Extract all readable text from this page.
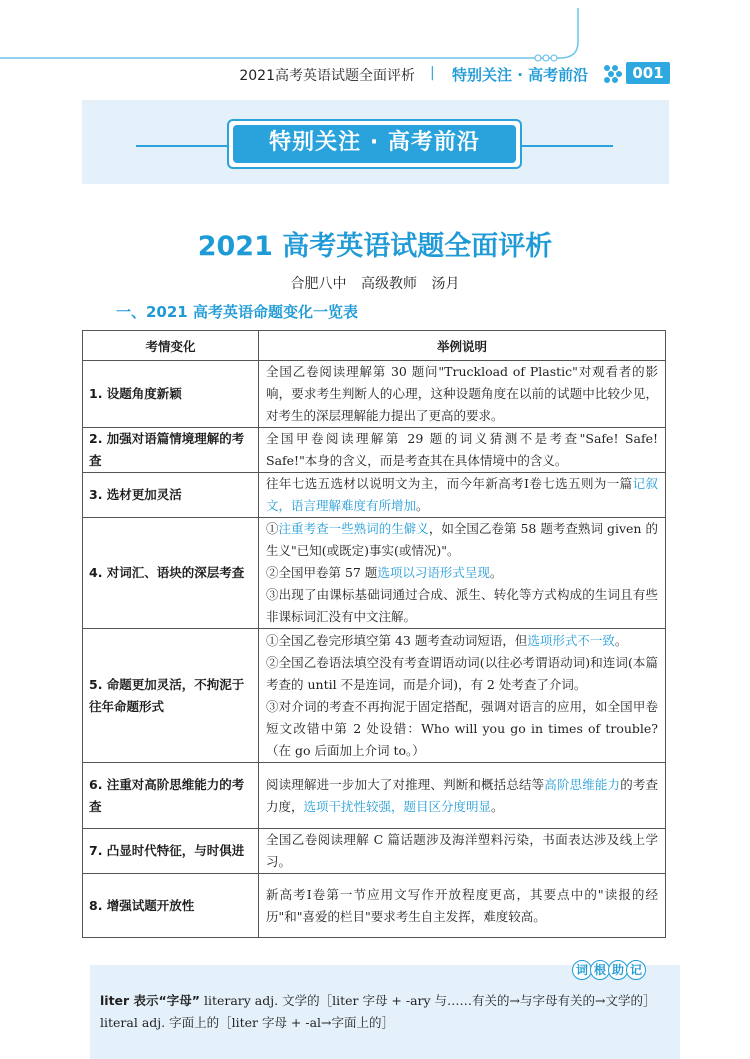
2021高考英语试题全面评析 | 特别关注 · 高考前沿	001
特别关注 · 高考前沿
2021 高考英语试题全面评析
合肥八中 高级教师 汤月
一、2021 高考英语命题变化一览表
考情变化	举例说明
1. 设题角度新颖	全国乙卷阅读理解第 30 题问"Truckload of Plastic"对观看者的影响，要求考生判断人的心理，这种设题角度在以前的试题中比较少见，对考生的深层理解能力提出了更高的要求。
2. 加强对语篇情境理解的考查	全国甲卷阅读理解第 29 题的词义猜测不是考查"Safe! Safe! Safe!"本身的含义，而是考查其在具体情境中的含义。
3. 选材更加灵活	往年七选五选材以说明文为主，而今年新高考Ⅰ卷七选五则为一篇记叙文，语言理解难度有所增加。
4. 对词汇、语块的深层考查	①注重考查一些熟词的生僻义，如全国乙卷第 58 题考查熟词 given 的生义"已知(或既定)事实(或情况)"。
②全国甲卷第 57 题选项以习语形式呈现。
③出现了由课标基础词通过合成、派生、转化等方式构成的生词且有些非课标词汇没有中文注解。
5. 命题更加灵活，不拘泥于往年命题形式	①全国乙卷完形填空第 43 题考查动词短语，但选项形式不一致。
②全国乙卷语法填空没有考查谓语动词(以往必考谓语动词)和连词(本篇考查的 until 不是连词，而是介词)，有 2 处考查了介词。
③对介词的考查不再拘泥于固定搭配，强调对语言的应用，如全国甲卷短文改错中第 2 处设错：Who will you go in times of trouble?（在 go 后面加上介词 to。）
6. 注重对高阶思维能力的考查	阅读理解进一步加大了对推理、判断和概括总结等高阶思维能力的考查力度，选项干扰性较强，题目区分度明显。
7. 凸显时代特征，与时俱进	全国乙卷阅读理解 C 篇话题涉及海洋塑料污染，书面表达涉及线上学习。
8. 增强试题开放性	新高考Ⅰ卷第一节应用文写作开放程度更高，其要点中的"读报的经历"和"喜爱的栏目"要求考生自主发挥，难度较高。
词 根 助 记
liter 表示“字母” literary adj. 文学的［liter 字母 + -ary 与……有关的→与字母有关的→文学的］ literal adj. 字面上的［liter 字母 + -al→字面上的］
